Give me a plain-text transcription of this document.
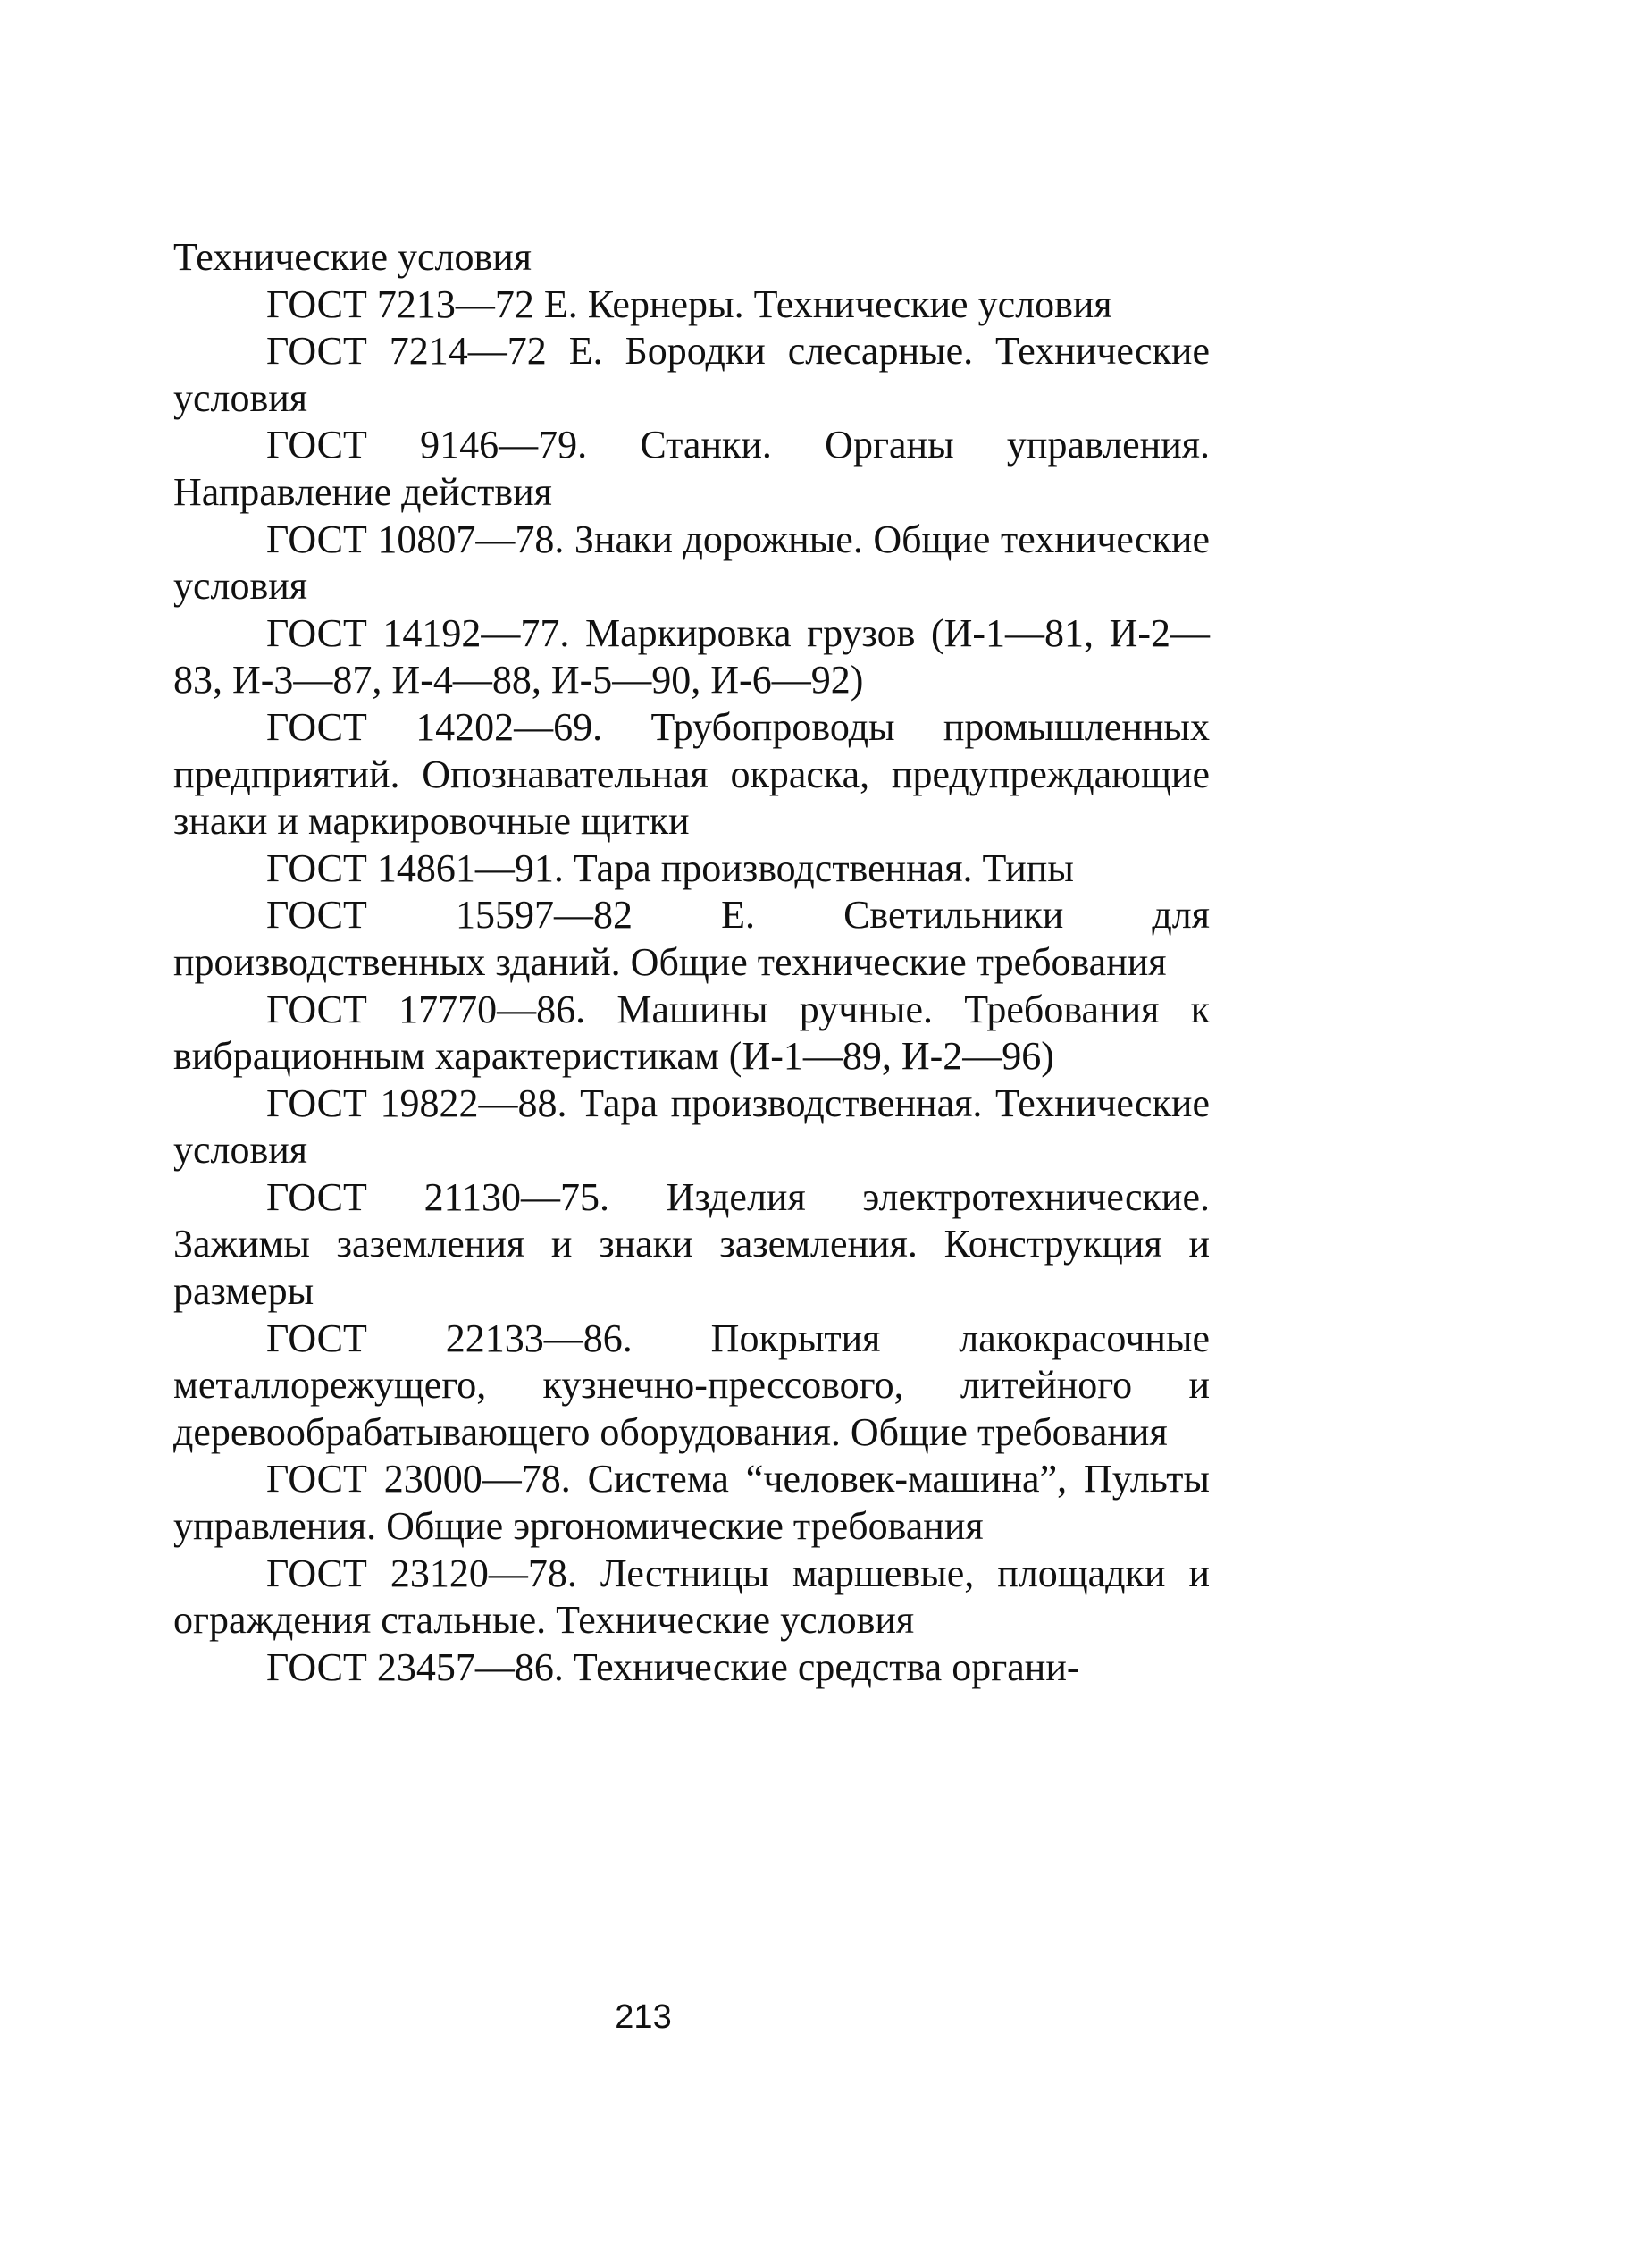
Технические условия

ГОСТ 7213—72 Е. Кернеры. Технические условия

ГОСТ 7214—72 Е. Бородки слесарные. Технические условия

ГОСТ 9146—79. Станки. Органы управления. Направление действия

ГОСТ 10807—78. Знаки дорожные. Общие технические условия

ГОСТ 14192—77. Маркировка грузов (И-1—81, И-2—83, И-3—87, И-4—88, И-5—90, И-6—92)

ГОСТ 14202—69. Трубопроводы промышленных предприятий. Опознавательная окраска, предупреждающие знаки и маркировочные щитки

ГОСТ 14861—91. Тара производственная. Типы

ГОСТ 15597—82 Е. Светильники для производственных зданий. Общие технические требования

ГОСТ 17770—86. Машины ручные. Требования к вибрационным характеристикам (И-1—89, И-2—96)

ГОСТ 19822—88. Тара производственная. Технические условия

ГОСТ 21130—75. Изделия электротехнические. Зажимы заземления и знаки заземления. Конструкция и размеры

ГОСТ 22133—86. Покрытия лакокрасочные металлорежущего, кузнечно-прессового, литейного и деревообрабатывающего оборудования. Общие требования

ГОСТ 23000—78. Система “человек-машина”, Пульты управления. Общие эргономические требования

ГОСТ 23120—78. Лестницы маршевые, площадки и ограждения стальные. Технические условия

ГОСТ 23457—86. Технические средства органи-

213
